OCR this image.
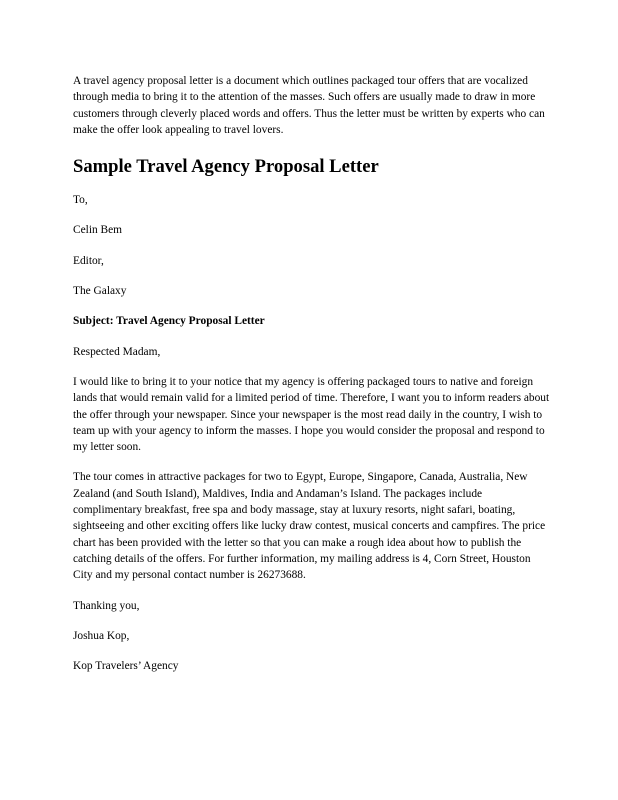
A travel agency proposal letter is a document which outlines packaged tour offers that are vocalized through media to bring it to the attention of the masses. Such offers are usually made to draw in more customers through cleverly placed words and offers. Thus the letter must be written by experts who can make the offer look appealing to travel lovers.

Sample Travel Agency Proposal Letter

To,

Celin Bem

Editor,

The Galaxy

Subject: Travel Agency Proposal Letter

Respected Madam,

I would like to bring it to your notice that my agency is offering packaged tours to native and foreign lands that would remain valid for a limited period of time. Therefore, I want you to inform readers about the offer through your newspaper. Since your newspaper is the most read daily in the country, I wish to team up with your agency to inform the masses. I hope you would consider the proposal and respond to my letter soon.

The tour comes in attractive packages for two to Egypt, Europe, Singapore, Canada, Australia, New Zealand (and South Island), Maldives, India and Andaman’s Island. The packages include complimentary breakfast, free spa and body massage, stay at luxury resorts, night safari, boating, sightseeing and other exciting offers like lucky draw contest, musical concerts and campfires. The price chart has been provided with the letter so that you can make a rough idea about how to publish the catching details of the offers. For further information, my mailing address is 4, Corn Street, Houston City and my personal contact number is 26273688.

Thanking you,

Joshua Kop,

Kop Travelers’ Agency
